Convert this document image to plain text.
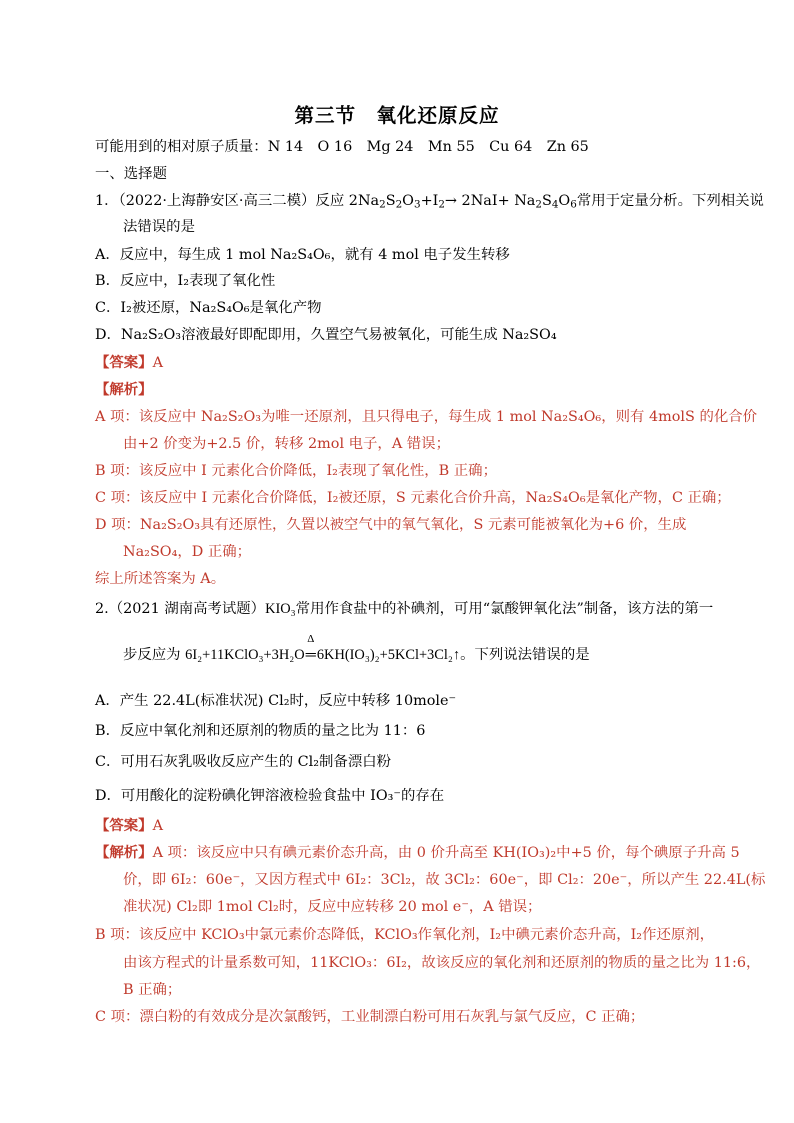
第三节　氧化还原反应
可能用到的相对原子质量：N 14　O 16　Mg 24　Mn 55　Cu 64　Zn 65
一、选择题
1．（2022·上海静安区·高三二模）反应 $2Na_2S_2O_3+I_2\to 2NaI+ Na_2S_4O_6$常用于定量分析。下列相关说
法错误的是
A．反应中，每生成 1 mol Na₂S₄O₆，就有 4 mol 电子发生转移
B．反应中，I₂表现了氧化性
C．I₂被还原，Na₂S₄O₆是氧化产物
D．Na₂S₂O₃溶液最好即配即用，久置空气易被氧化，可能生成 Na₂SO₄
【答案】A
【解析】
A 项：该反应中 Na₂S₂O₃为唯一还原剂，且只得电子，每生成 1 mol Na₂S₄O₆，则有 4molS 的化合价
由+2 价变为+2.5 价，转移 2mol 电子，A 错误；
B 项：该反应中 I 元素化合价降低，I₂表现了氧化性，B 正确；
C 项：该反应中 I 元素化合价降低，I₂被还原，S 元素化合价升高，Na₂S₄O₆是氧化产物，C 正确；
D 项：Na₂S₂O₃具有还原性，久置以被空气中的氧气氧化，S 元素可能被氧化为+6 价，生成
Na₂SO₄，D 正确；
综上所述答案为 A。
2.（2021 湖南高考试题）KIO₃常用作食盐中的补碘剂，可用“氯酸钾氧化法”制备，该方法的第一
步反应为 6I₂+11KClO₃+3H₂O
Δ
═6KH(IO₃)₂+5KCl+3Cl₂↑。下列说法错误的是
A．产生 22.4L(标准状况) Cl₂时，反应中转移 10mole⁻
B．反应中氧化剂和还原剂的物质的量之比为 11：6
C．可用石灰乳吸收反应产生的 Cl₂制备漂白粉
D．可用酸化的淀粉碘化钾溶液检验食盐中 IO₃⁻的存在
【答案】A
【解析】A 项：该反应中只有碘元素价态升高，由 0 价升高至 KH(IO₃)₂中+5 价，每个碘原子升高 5
价，即 6I₂：60e⁻，又因方程式中 6I₂：3Cl₂，故 3Cl₂：60e⁻，即 Cl₂：20e⁻，所以产生 22.4L(标
准状况) Cl₂即 1mol Cl₂时，反应中应转移 20 mol e⁻，A 错误；
B 项：该反应中 KClO₃中氯元素价态降低，KClO₃作氧化剂，I₂中碘元素价态升高，I₂作还原剂，
由该方程式的计量系数可知，11KClO₃：6I₂，故该反应的氧化剂和还原剂的物质的量之比为 11:6，
B 正确；
C 项：漂白粉的有效成分是次氯酸钙，工业制漂白粉可用石灰乳与氯气反应，C 正确；
